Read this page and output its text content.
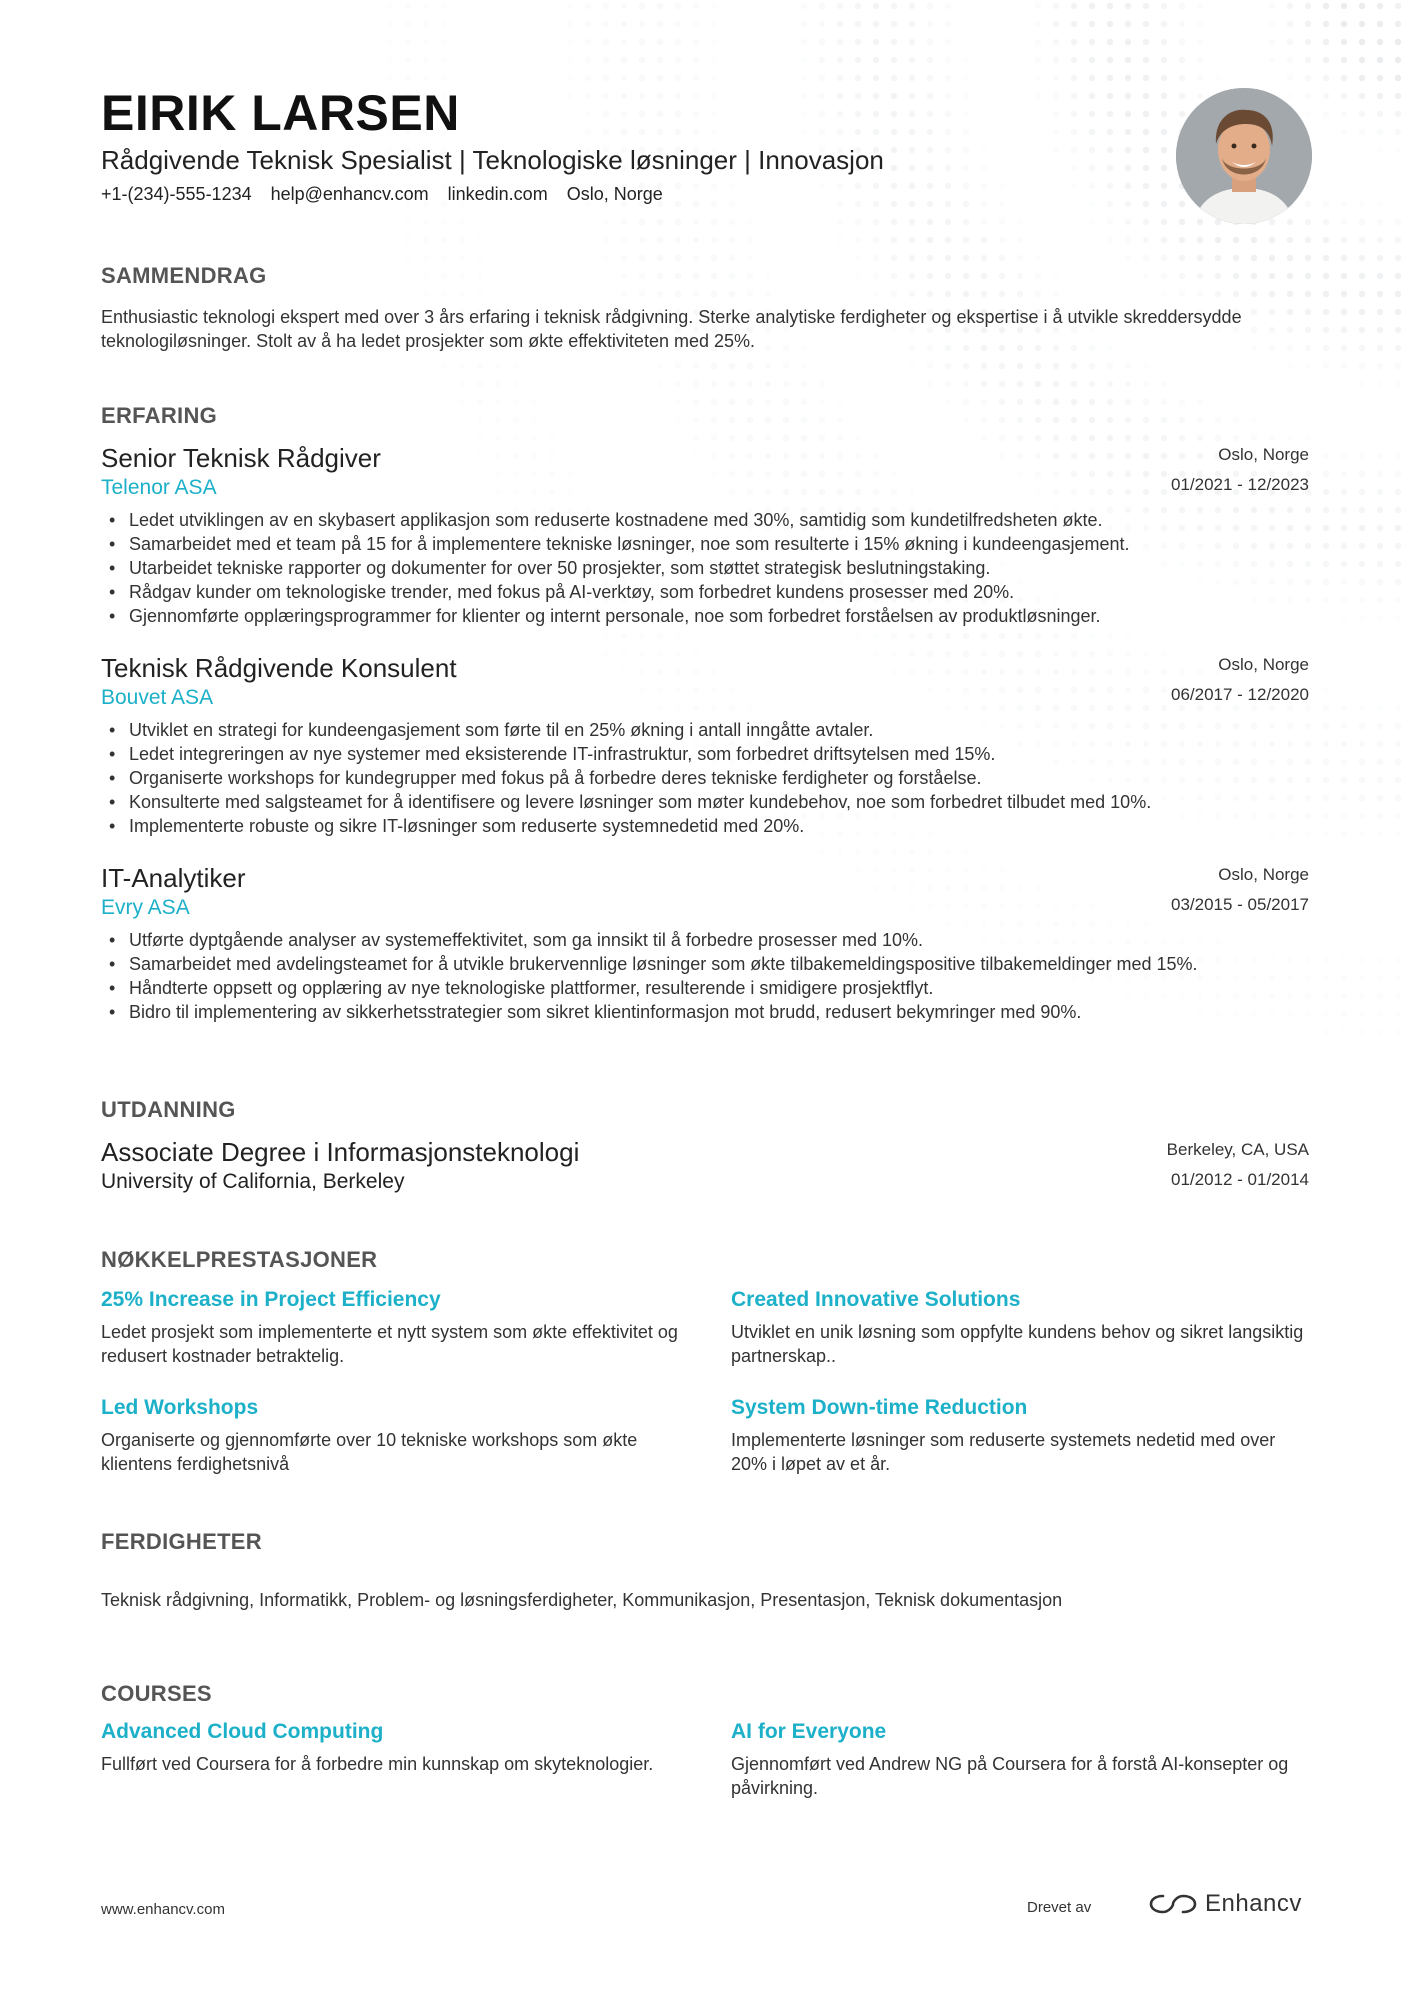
EIRIK LARSEN
Rådgivende Teknisk Spesialist | Teknologiske løsninger | Innovasjon
+1-(234)-555-1234 help@enhancv.com linkedin.com Oslo, Norge
SAMMENDRAG
Enthusiastic teknologi ekspert med over 3 års erfaring i teknisk rådgivning. Sterke analytiske ferdigheter og ekspertise i å utvikle skreddersydde teknologiløsninger. Stolt av å ha ledet prosjekter som økte effektiviteten med 25%.
ERFARING
Senior Teknisk Rådgiver
Telenor ASA
Oslo, Norge
01/2021 - 12/2023
• Ledet utviklingen av en skybasert applikasjon som reduserte kostnadene med 30%, samtidig som kundetilfredsheten økte.
• Samarbeidet med et team på 15 for å implementere tekniske løsninger, noe som resulterte i 15% økning i kundeengasjement.
• Utarbeidet tekniske rapporter og dokumenter for over 50 prosjekter, som støttet strategisk beslutningstaking.
• Rådgav kunder om teknologiske trender, med fokus på AI-verktøy, som forbedret kundens prosesser med 20%.
• Gjennomførte opplæringsprogrammer for klienter og internt personale, noe som forbedret forståelsen av produktløsninger.
Teknisk Rådgivende Konsulent
Bouvet ASA
Oslo, Norge
06/2017 - 12/2020
• Utviklet en strategi for kundeengasjement som førte til en 25% økning i antall inngåtte avtaler.
• Ledet integreringen av nye systemer med eksisterende IT-infrastruktur, som forbedret driftsytelsen med 15%.
• Organiserte workshops for kundegrupper med fokus på å forbedre deres tekniske ferdigheter og forståelse.
• Konsulterte med salgsteamet for å identifisere og levere løsninger som møter kundebehov, noe som forbedret tilbudet med 10%.
• Implementerte robuste og sikre IT-løsninger som reduserte systemnedetid med 20%.
IT-Analytiker
Evry ASA
Oslo, Norge
03/2015 - 05/2017
• Utførte dyptgående analyser av systemeffektivitet, som ga innsikt til å forbedre prosesser med 10%.
• Samarbeidet med avdelingsteamet for å utvikle brukervennlige løsninger som økte tilbakemeldingspositive tilbakemeldinger med 15%.
• Håndterte oppsett og opplæring av nye teknologiske plattformer, resulterende i smidigere prosjektflyt.
• Bidro til implementering av sikkerhetsstrategier som sikret klientinformasjon mot brudd, redusert bekymringer med 90%.
UTDANNING
Associate Degree i Informasjonsteknologi
University of California, Berkeley
Berkeley, CA, USA
01/2012 - 01/2014
NØKKELPRESTASJONER
25% Increase in Project Efficiency
Ledet prosjekt som implementerte et nytt system som økte effektivitet og redusert kostnader betraktelig.
Created Innovative Solutions
Utviklet en unik løsning som oppfylte kundens behov og sikret langsiktig partnerskap..
Led Workshops
Organiserte og gjennomførte over 10 tekniske workshops som økte klientens ferdighetsnivå
System Down-time Reduction
Implementerte løsninger som reduserte systemets nedetid med over 20% i løpet av et år.
FERDIGHETER
Teknisk rådgivning, Informatikk, Problem- og løsningsferdigheter, Kommunikasjon, Presentasjon, Teknisk dokumentasjon
COURSES
Advanced Cloud Computing
Fullført ved Coursera for å forbedre min kunnskap om skyteknologier.
AI for Everyone
Gjennomført ved Andrew NG på Coursera for å forstå AI-konsepter og påvirkning.
www.enhancv.com	Drevet av	Enhancv
